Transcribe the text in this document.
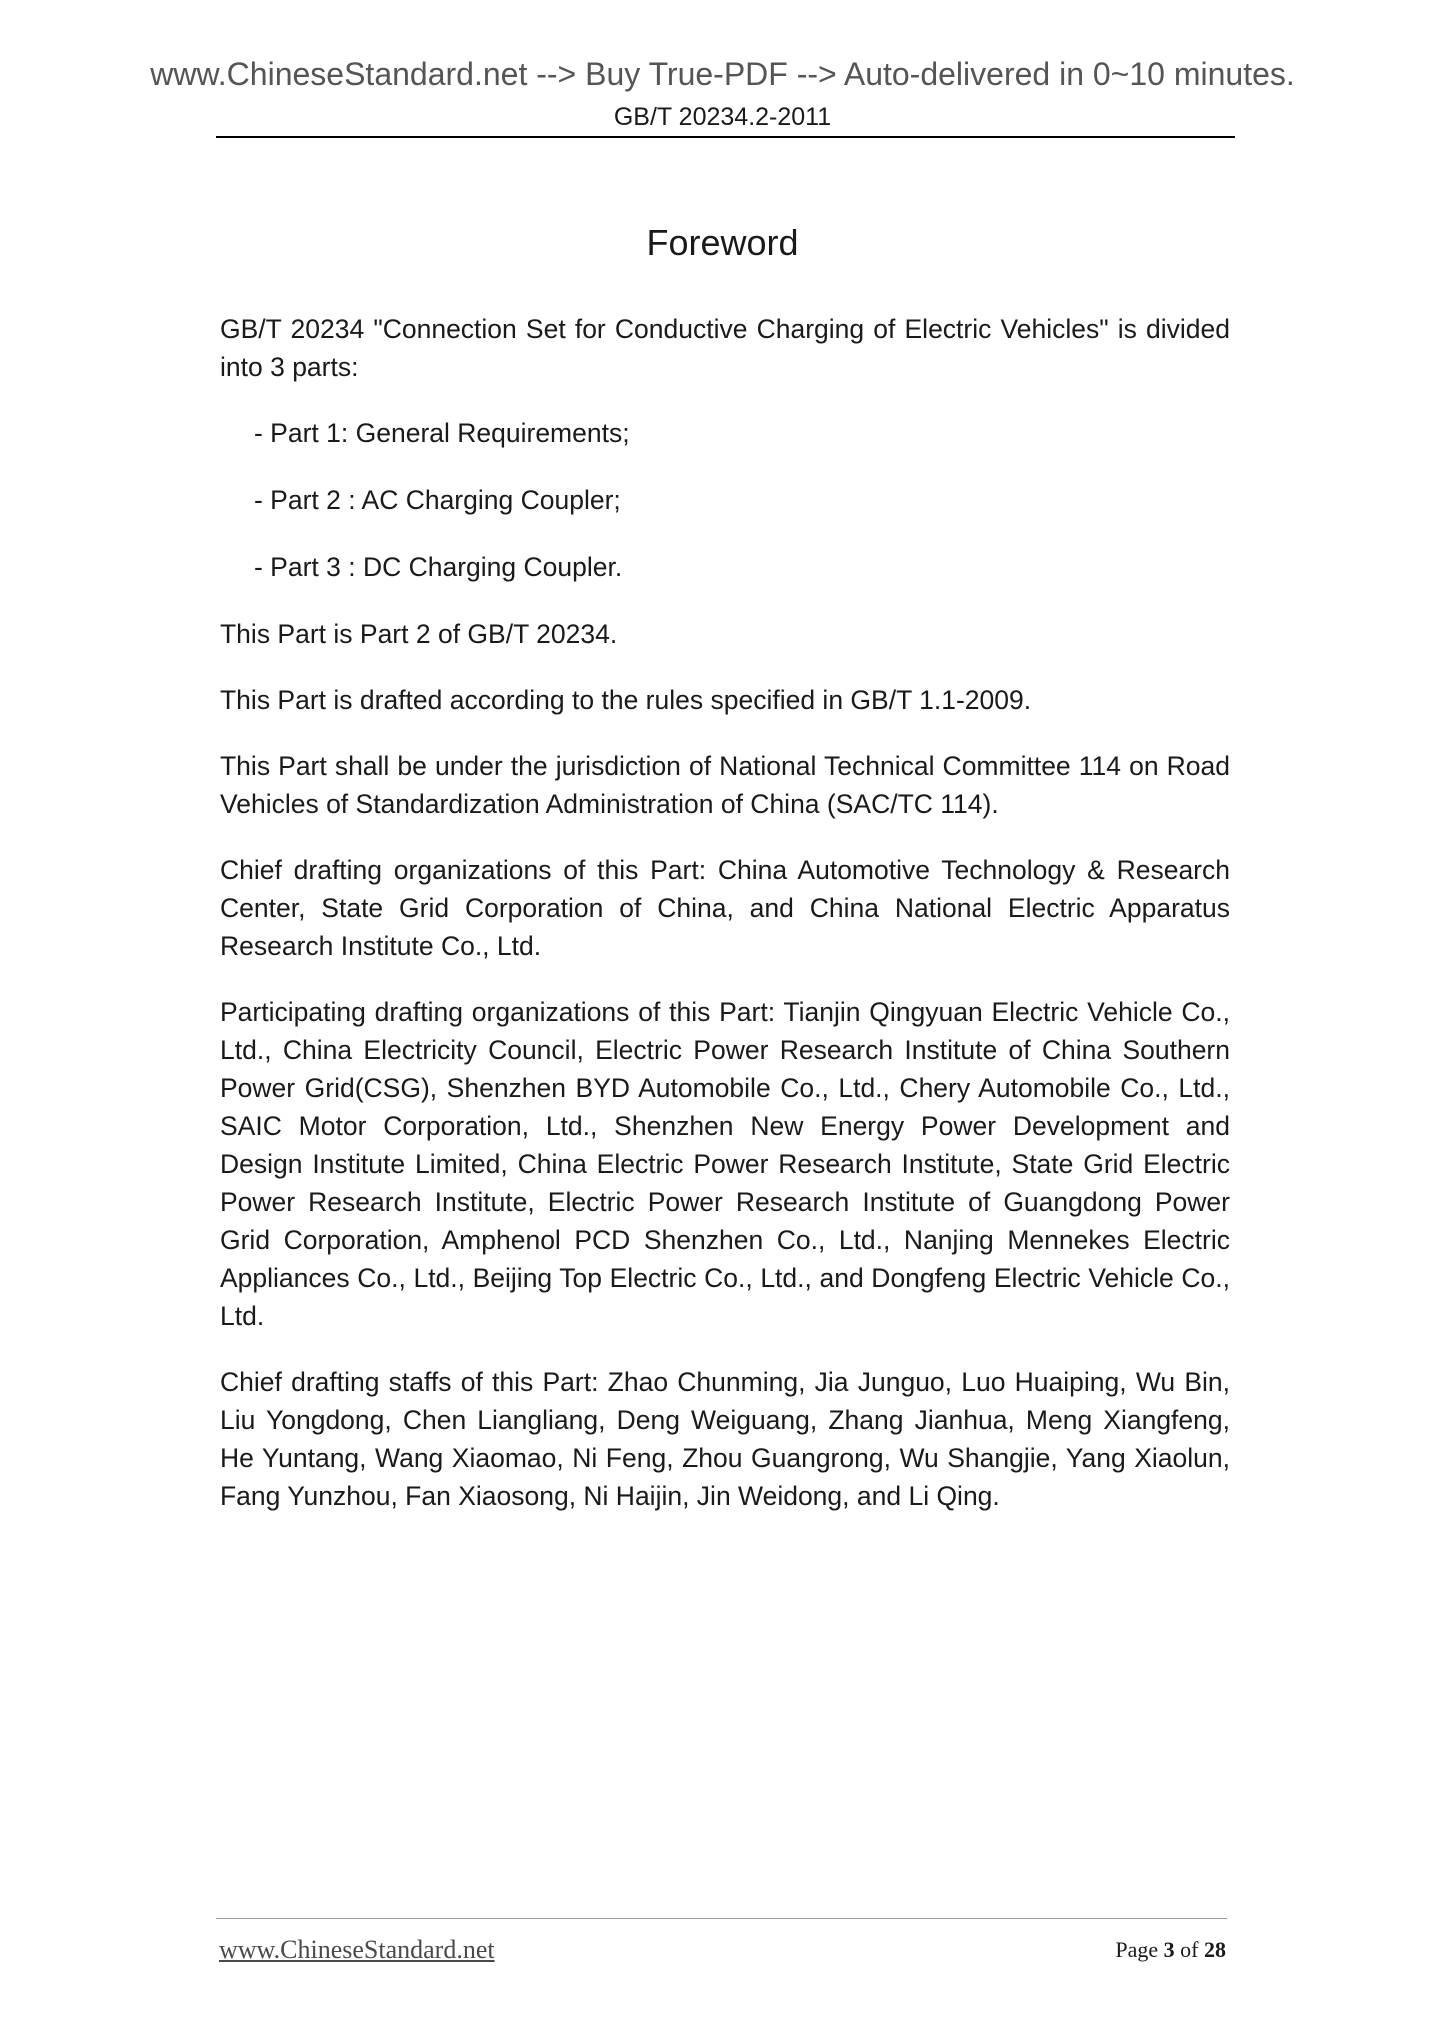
www.ChineseStandard.net --> Buy True-PDF --> Auto-delivered in 0~10 minutes.
GB/T 20234.2-2011
Foreword

GB/T 20234 "Connection Set for Conductive Charging of Electric Vehicles" is divided into 3 parts:

- Part 1: General Requirements;

- Part 2 : AC Charging Coupler;

- Part 3 : DC Charging Coupler.

This Part is Part 2 of GB/T 20234.

This Part is drafted according to the rules specified in GB/T 1.1-2009.

This Part shall be under the jurisdiction of National Technical Committee 114 on Road Vehicles of Standardization Administration of China (SAC/TC 114).

Chief drafting organizations of this Part: China Automotive Technology & Research Center, State Grid Corporation of China, and China National Electric Apparatus Research Institute Co., Ltd.

Participating drafting organizations of this Part: Tianjin Qingyuan Electric Vehicle Co., Ltd., China Electricity Council, Electric Power Research Institute of China Southern Power Grid(CSG), Shenzhen BYD Automobile Co., Ltd., Chery Automobile Co., Ltd., SAIC Motor Corporation, Ltd., Shenzhen New Energy Power Development and Design Institute Limited, China Electric Power Research Institute, State Grid Electric Power Research Institute, Electric Power Research Institute of Guangdong Power Grid Corporation, Amphenol PCD Shenzhen Co., Ltd., Nanjing Mennekes Electric Appliances Co., Ltd., Beijing Top Electric Co., Ltd., and Dongfeng Electric Vehicle Co., Ltd.

Chief drafting staffs of this Part: Zhao Chunming, Jia Junguo, Luo Huaiping, Wu Bin, Liu Yongdong, Chen Liangliang, Deng Weiguang, Zhang Jianhua, Meng Xiangfeng, He Yuntang, Wang Xiaomao, Ni Feng, Zhou Guangrong, Wu Shangjie, Yang Xiaolun, Fang Yunzhou, Fan Xiaosong, Ni Haijin, Jin Weidong, and Li Qing.

www.ChineseStandard.net	Page 3 of 28
